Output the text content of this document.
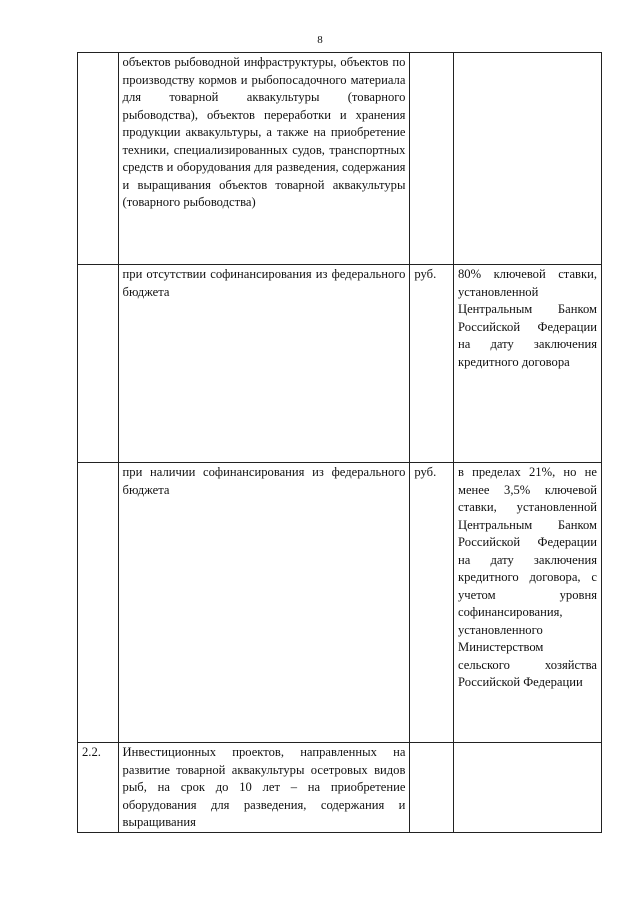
8
	объектов рыбоводной инфраструктуры, объектов по производству кормов и рыбопосадочного материала для товарной аквакультуры (товарного рыбоводства), объектов переработки и хранения продукции аквакультуры, а также на приобретение техники, специализированных судов, транспортных средств и оборудования для разведения, содержания и выращивания объектов товарной аквакультуры (товарного рыбоводства)		
	при отсутствии софинансирования из федерального бюджета	руб.	80% ключевой ставки, установленной Центральным Банком Российской Федерации на дату заключения кредитного договора
	при наличии софинансирования из федерального бюджета	руб.	в пределах 21%, но не менее 3,5% ключевой ставки, установленной Центральным Банком Российской Федерации на дату заключения кредитного договора, с учетом уровня софинансирования, установленного Министерством сельского хозяйства Российской Федерации
2.2.	Инвестиционных проектов, направленных на развитие товарной аквакультуры осетровых видов рыб, на срок до 10 лет – на приобретение оборудования для разведения, содержания и выращивания		
